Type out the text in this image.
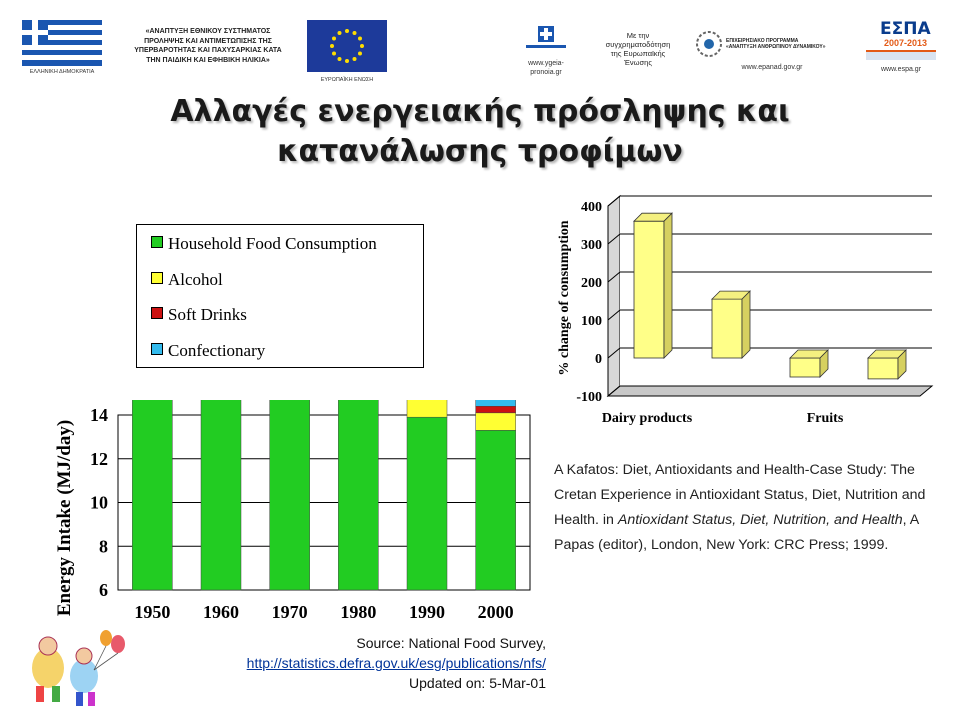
ΕΛΛΗΝΙΚΗ ΔΗΜΟΚΡΑΤΙΑ
«ΑΝΑΠΤΥΞΗ ΕΘΝΙΚΟΥ ΣΥΣΤΗΜΑΤΟΣ
ΠΡΟΛΗΨΗΣ ΚΑΙ ΑΝΤΙΜΕΤΩΠΙΣΗΣ ΤΗΣ
ΥΠΕΡΒΑΡΟΤΗΤΑΣ ΚΑΙ ΠΑΧΥΣΑΡΚΙΑΣ ΚΑΤΑ
ΤΗΝ ΠΑΙΔΙΚΗ ΚΑΙ ΕΦΗΒΙΚΗ ΗΛΙΚΙΑ»
ΕΥΡΩΠΑΪΚΗ ΕΝΩΣΗ
www.ygeia-pronoia.gr
Με την
συγχρηματοδότηση
της Ευρωπαϊκής
Ένωσης
ΕΠΙΧΕΙΡΗΣΙΑΚΟ ΠΡΟΓΡΑΜΜΑ
«ΑΝΑΠΤΥΞΗ ΑΝΘΡΩΠΙΝΟΥ ΔΥΝΑΜΙΚΟΥ»
www.epanad.gov.gr
ΕΣΠΑ
2007-2013
www.espa.gr
Αλλαγές ενεργειακής πρόσληψης και κατανάλωσης τροφίμων
Household Food Consumption
Alcohol
Soft Drinks
Confectionary
6
8
10
12
14
1950 1960 1970 1980 1990 2000
Energy Intake (MJ/day)
% change of consumption
-100
0
100
200
300
400
Dairy products	Fruits
A Kafatos: Diet, Antioxidants and Health-Case Study: The Cretan Experience in Antioxidant Status, Diet, Nutrition and Health. in Antioxidant Status, Diet, Nutrition, and Health, A Papas (editor), London, New York: CRC Press; 1999.
Source: National Food Survey,
http://statistics.defra.gov.uk/esg/publications/nfs/
Updated on: 5-Mar-01
